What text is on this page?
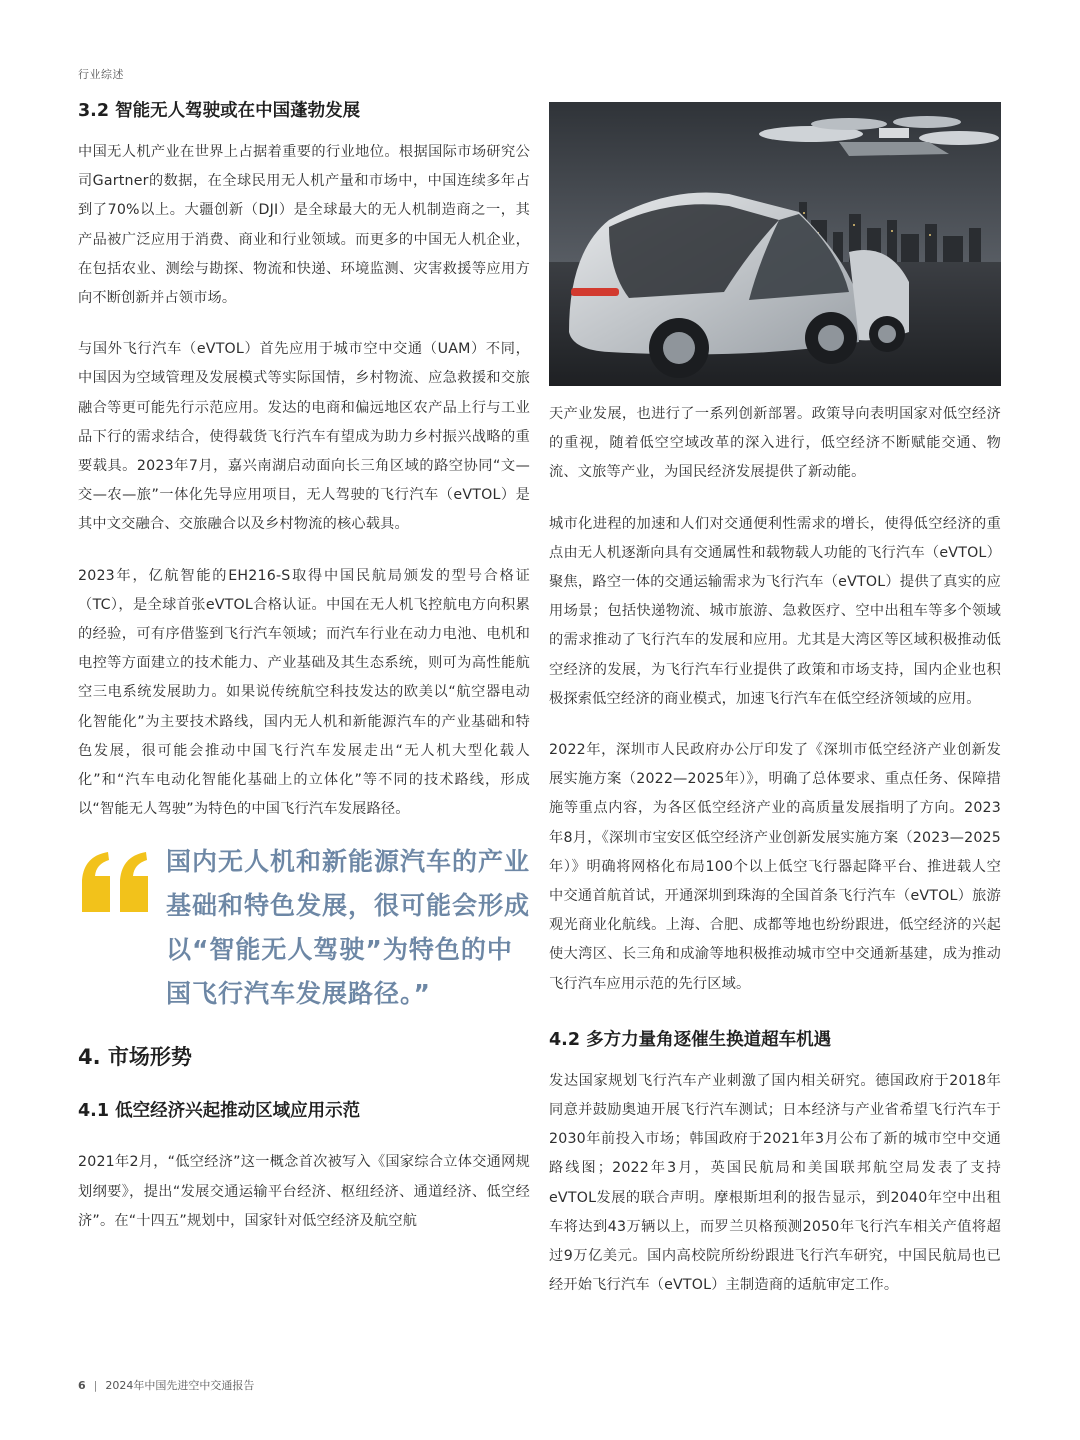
行业综述
3.2 智能无人驾驶或在中国蓬勃发展

中国无人机产业在世界上占据着重要的行业地位。根据国际市场研究公司Gartner的数据，在全球民用无人机产量和市场中，中国连续多年占到了70%以上。大疆创新（DJI）是全球最大的无人机制造商之一，其产品被广泛应用于消费、商业和行业领域。而更多的中国无人机企业，在包括农业、测绘与勘探、物流和快递、环境监测、灾害救援等应用方向不断创新并占领市场。

与国外飞行汽车（eVTOL）首先应用于城市空中交通（UAM）不同，中国因为空域管理及发展模式等实际国情，乡村物流、应急救援和交旅融合等更可能先行示范应用。发达的电商和偏远地区农产品上行与工业品下行的需求结合，使得载货飞行汽车有望成为助力乡村振兴战略的重要载具。2023年7月，嘉兴南湖启动面向长三角区域的路空协同“文—交—农—旅”一体化先导应用项目，无人驾驶的飞行汽车（eVTOL）是其中文交融合、交旅融合以及乡村物流的核心载具。

2023年，亿航智能的EH216-S取得中国民航局颁发的型号合格证（TC），是全球首张eVTOL合格认证。中国在无人机飞控航电方向积累的经验，可有序借鉴到飞行汽车领域；而汽车行业在动力电池、电机和电控等方面建立的技术能力、产业基础及其生态系统，则可为高性能航空三电系统发展助力。如果说传统航空科技发达的欧美以“航空器电动化智能化”为主要技术路线，国内无人机和新能源汽车的产业基础和特色发展，很可能会推动中国飞行汽车发展走出“无人机大型化载人化”和“汽车电动化智能化基础上的立体化”等不同的技术路线，形成以“智能无人驾驶”为特色的中国飞行汽车发展路径。

国内无人机和新能源汽车的产业基础和特色发展，很可能会形成以“智能无人驾驶”为特色的中国飞行汽车发展路径。”
4. 市场形势
4.1 低空经济兴起推动区域应用示范

2021年2月，“低空经济”这一概念首次被写入《国家综合立体交通网规划纲要》，提出“发展交通运输平台经济、枢纽经济、通道经济、低空经济”。在“十四五”规划中，国家针对低空经济及航空航

天产业发展，也进行了一系列创新部署。政策导向表明国家对低空经济的重视，随着低空空域改革的深入进行，低空经济不断赋能交通、物流、文旅等产业，为国民经济发展提供了新动能。

城市化进程的加速和人们对交通便利性需求的增长，使得低空经济的重点由无人机逐渐向具有交通属性和载物载人功能的飞行汽车（eVTOL）聚焦，路空一体的交通运输需求为飞行汽车（eVTOL）提供了真实的应用场景；包括快递物流、城市旅游、急救医疗、空中出租车等多个领域的需求推动了飞行汽车的发展和应用。尤其是大湾区等区域积极推动低空经济的发展，为飞行汽车行业提供了政策和市场支持，国内企业也积极探索低空经济的商业模式，加速飞行汽车在低空经济领域的应用。

2022年，深圳市人民政府办公厅印发了《深圳市低空经济产业创新发展实施方案（2022—2025年）》，明确了总体要求、重点任务、保障措施等重点内容，为各区低空经济产业的高质量发展指明了方向。2023年8月，《深圳市宝安区低空经济产业创新发展实施方案（2023—2025年）》明确将网格化布局100个以上低空飞行器起降平台、推进载人空中交通首航首试，开通深圳到珠海的全国首条飞行汽车（eVTOL）旅游观光商业化航线。上海、合肥、成都等地也纷纷跟进，低空经济的兴起使大湾区、长三角和成渝等地积极推动城市空中交通新基建，成为推动飞行汽车应用示范的先行区域。

4.2 多方力量角逐催生换道超车机遇

发达国家规划飞行汽车产业刺激了国内相关研究。德国政府于2018年同意并鼓励奥迪开展飞行汽车测试；日本经济与产业省希望飞行汽车于2030年前投入市场；韩国政府于2021年3月公布了新的城市空中交通路线图；2022年3月，英国民航局和美国联邦航空局发表了支持eVTOL发展的联合声明。摩根斯坦利的报告显示，到2040年空中出租车将达到43万辆以上，而罗兰贝格预测2050年飞行汽车相关产值将超过9万亿美元。国内高校院所纷纷跟进飞行汽车研究，中国民航局也已经开始飞行汽车（eVTOL）主制造商的适航审定工作。

6 | 2024年中国先进空中交通报告
